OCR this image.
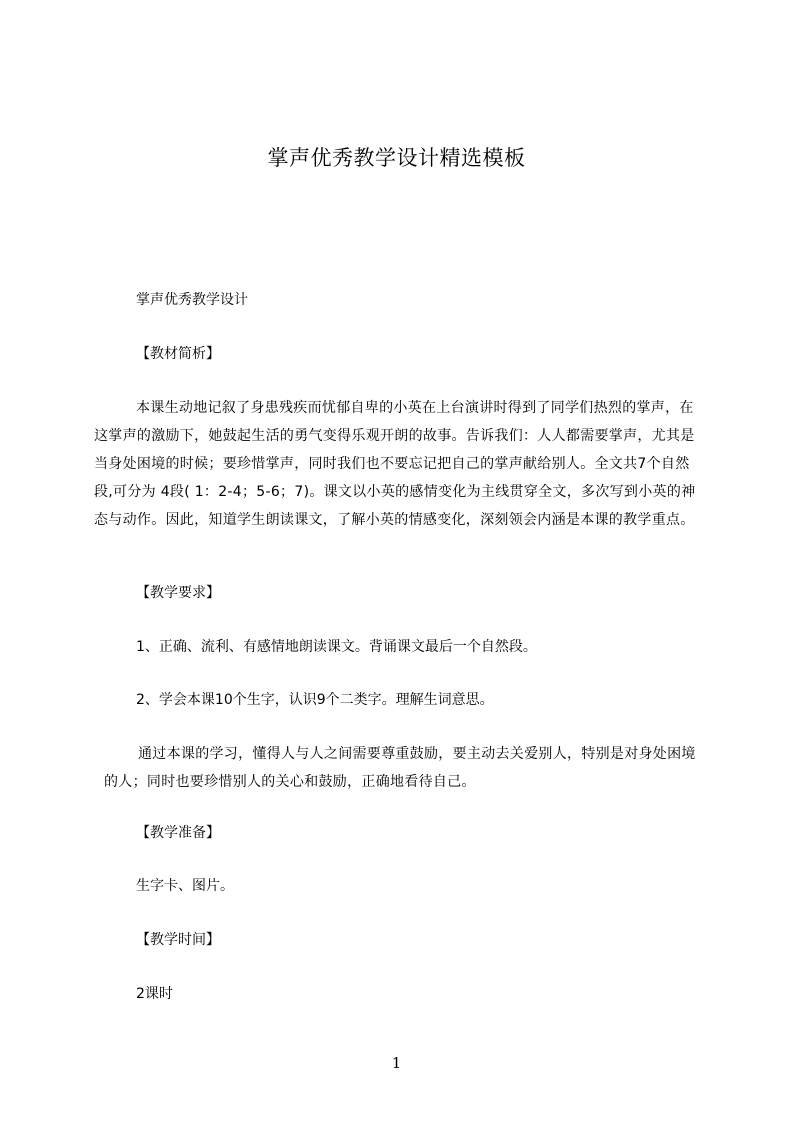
掌声优秀教学设计精选模板
掌声优秀教学设计
【教材简析】
本课生动地记叙了身患残疾而忧郁自卑的小英在上台演讲时得到了同学们热烈的掌声，在这掌声的激励下，她鼓起生活的勇气变得乐观开朗的故事。告诉我们：人人都需要掌声，尤其是当身处困境的时候；要珍惜掌声，同时我们也不要忘记把自己的掌声献给别人。全文共7个自然段,可分为 4段( 1：2-4；5-6；7)。课文以小英的感情变化为主线贯穿全文，多次写到小英的神态与动作。因此，知道学生朗读课文，了解小英的情感变化，深刻领会内涵是本课的教学重点。
【教学要求】
1、正确、流利、有感情地朗读课文。背诵课文最后一个自然段。
2、学会本课10个生字，认识9个二类字。理解生词意思。
通过本课的学习，懂得人与人之间需要尊重鼓励，要主动去关爱别人，特别是对身处困境的人；同时也要珍惜别人的关心和鼓励，正确地看待自己。
【教学准备】
生字卡、图片。
【教学时间】
2课时
1
